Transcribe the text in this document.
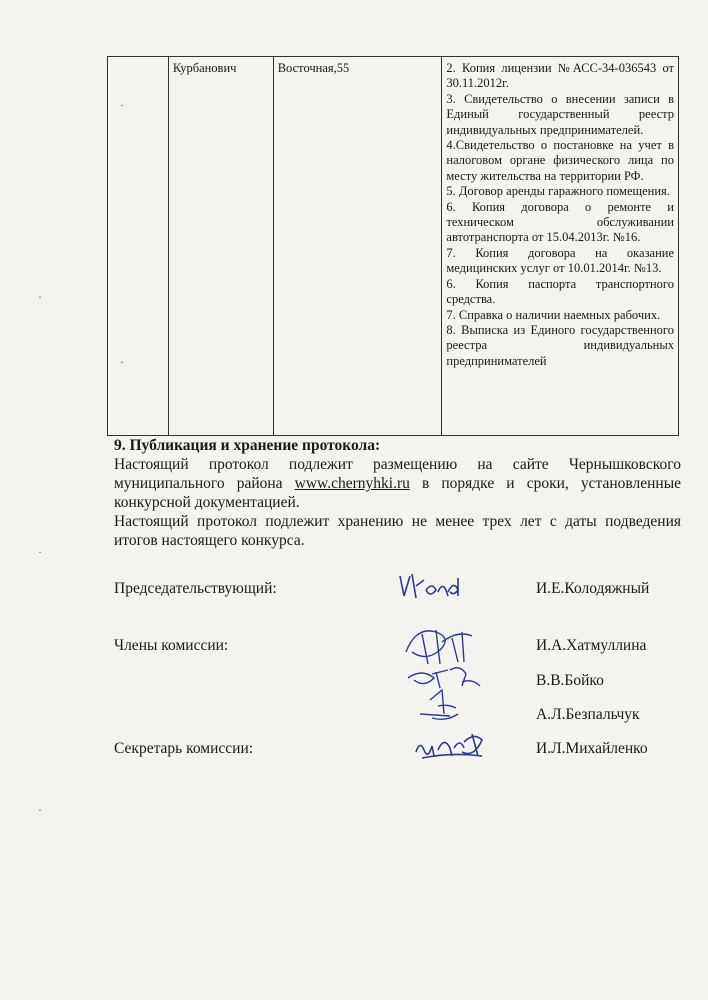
	Курбанович	Восточная,55	2. Копия лицензии №АСС-34-036543 от 30.11.2012г.
3. Свидетельство о внесении записи в Единый государственный реестр индивидуальных предпринимателей.
4.Свидетельство о постановке на учет в налоговом органе физического лица по месту жительства на территории РФ.
5. Договор аренды гаражного помещения.
6. Копия договора о ремонте и техническом обслуживании автотранспорта от 15.04.2013г. №16.
7. Копия договора на оказание медицинских услуг от 10.01.2014г. №13.
6. Копия паспорта транспортного средства.
7. Справка о наличии наемных рабочих.
8. Выписка из Единого государственного реестра индивидуальных предпринимателей
9. Публикация и хранение протокола:
Настоящий протокол подлежит размещению на сайте Чернышковского муниципального района www.chernyhki.ru в порядке и сроки, установленные конкурсной документацией.
Настоящий протокол подлежит хранению не менее трех лет с даты подведения итогов настоящего конкурса.
Председательствующий:	И.Е.Колодяжный
Члены комиссии:	И.А.Хатмуллина
В.В.Бойко
А.Л.Безпальчук
Секретарь комиссии:	И.Л.Михайленко
·
·
·
·
·
